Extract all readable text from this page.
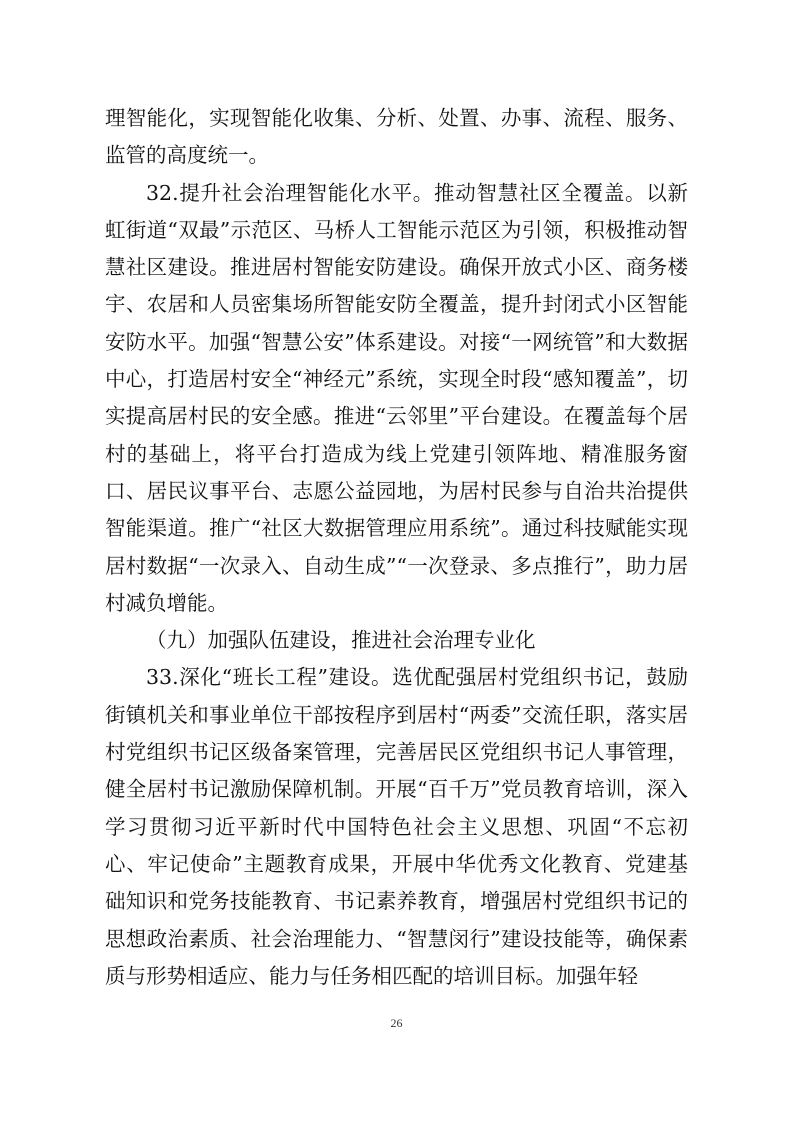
理智能化，实现智能化收集、分析、处置、办事、流程、服务、监管的高度统一。

32.提升社会治理智能化水平。推动智慧社区全覆盖。以新虹街道“双最”示范区、马桥人工智能示范区为引领，积极推动智慧社区建设。推进居村智能安防建设。确保开放式小区、商务楼宇、农居和人员密集场所智能安防全覆盖，提升封闭式小区智能安防水平。加强“智慧公安”体系建设。对接“一网统管”和大数据中心，打造居村安全“神经元”系统，实现全时段“感知覆盖”，切实提高居村民的安全感。推进“云邻里”平台建设。在覆盖每个居村的基础上，将平台打造成为线上党建引领阵地、精准服务窗口、居民议事平台、志愿公益园地，为居村民参与自治共治提供智能渠道。推广“社区大数据管理应用系统”。通过科技赋能实现居村数据“一次录入、自动生成”“一次登录、多点推行”，助力居村减负增能。

（九）加强队伍建设，推进社会治理专业化

33.深化“班长工程”建设。选优配强居村党组织书记，鼓励街镇机关和事业单位干部按程序到居村“两委”交流任职，落实居村党组织书记区级备案管理，完善居民区党组织书记人事管理，健全居村书记激励保障机制。开展“百千万”党员教育培训，深入学习贯彻习近平新时代中国特色社会主义思想、巩固“不忘初心、牢记使命”主题教育成果，开展中华优秀文化教育、党建基础知识和党务技能教育、书记素养教育，增强居村党组织书记的思想政治素质、社会治理能力、“智慧闵行”建设技能等，确保素质与形势相适应、能力与任务相匹配的培训目标。加强年轻

26
